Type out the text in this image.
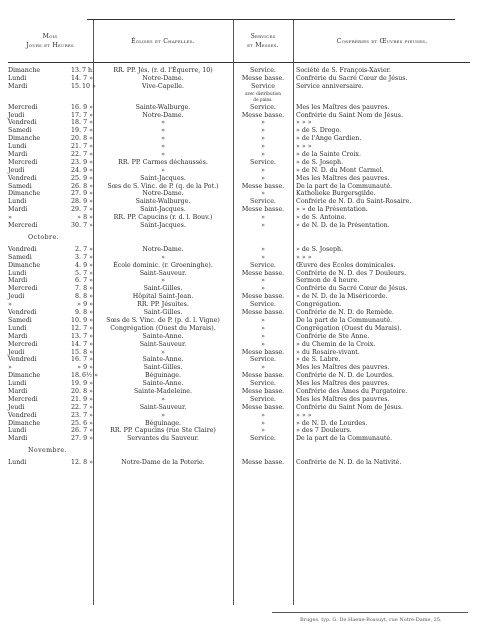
Mois
Jours et Heures
Églises et Chapelles.
Services
et Messes.
Confréries et Œuvres pieuses.
Dimanche	13. 7 h.	RR. PP. Jés. (r. d. l'Équerre, 10)	Service.	Société de S. François-Xavier.
Lundi	14. 7 »	Notre-Dame.	Messe basse.	Confrérie du Sacré Cœur de Jésus.
Mardi	15. 10 »	Vive-Capelle.	Service	Service anniversaire.
avec distribution
de pains.
Mercredi	16. 9 »	Sainte-Walburge.	Service.	Mes les Maîtres des pauvres.
Jeudi	17. 7 »	Notre-Dame.	Messe basse.	Confrérie du Saint Nom de Jésus.
Vendredi	18. 7 »	»	»	» » »
Samedi	19. 7 »	»	»	» de S. Drogo.
Dimanche	20. 8 »	»	»	» de l'Ange Gardien.
Lundi	21. 7 »	»	»	» » »
Mardi	22. 7 »	»	»	» de la Sainte Croix.
Mercredi	23. 9 »	RR. PP. Carmes déchaussés.	Service.	» de S. Joseph.
Jeudi	24. 9 »	»	»	» de N. D. du Mont Carmel.
Vendredi	25. 9 »	Saint-Jacques.	»	Mes les Maîtres des pauvres.
Samedi	26. 8 »	Sœs de S. Vinc. de P. (q. de la Pot.)	Messe basse.	De la part de la Communauté.
Dimanche	27. 9 »	Notre-Dame.	»	Katholieke Burgersgilde.
Lundi	28. 9 »	Sainte-Walburge.	Service.	Confrérie de N. D. du Saint-Rosaire.
Mardi	29. 7 »	Saint-Jacques.	Messe basse.	» » de la Présentation.
»	» 8 »	RR. PP. Capucins (r. d. l. Bouv.)	»	» de S. Antoine.
Mercredi	30. 7 »	Saint-Jacques.	»	» de N. D. de la Présentation.
Octobre.
Vendredi	2. 7 »	Notre-Dame.	»	» de S. Joseph.
Samedi	3. 7 »	»	»	» » »
Dimanche	4. 9 »	École dominic. (r. Groeninghe).	Service.	Œuvre des Écoles dominicales.
Lundi	5. 7 »	Saint-Sauveur.	Messe basse.	Confrérie de N. D. des 7 Douleurs.
Mardi	6. 7 »	»	»	Sermon de 4 heure.
Mercredi	7. 8 »	Saint-Gilles.	»	Confrérie du Sacré Cœur de Jésus.
Jeudi	8. 8 »	Hôpital Saint-Jean.	Messe basse.	» de N. D. de la Miséricorde.
»	» 9 »	RR. PP. Jésuites.	Service.	Congrégation.
Vendredi	9. 8 »	Saint-Gilles.	Messe basse.	Confrérie de N. D. de Remède.
Samedi	10. 9 »	Sœs de S. Vinc. de P. (p. d. l. Vigne)	»	De la part de la Communauté.
Lundi	12. 7 »	Congrégation (Ouest du Marais).	»	Congrégation (Ouest du Marais).
Mardi	13. 7 »	Sainte-Anne.	»	Confrérie de Ste Anne.
Mercredi	14. 7 »	Saint-Sauveur.	»	» du Chemin de la Croix.
Jeudi	15. 8 »	»	Messe basse.	» du Rosaire-vivant.
Vendredi	16. 7 »	Sainte-Anne.	Service.	» de S. Labre.
»	» 9 »	Saint-Gilles.	»	Mes les Maîtres des pauvres.
Dimanche	18. 6½ »	Béguinage.	Messe basse.	Confrérie de N. D. de Lourdes.
Lundi	19. 9 »	Sainte-Anne.	Service.	Mes les Maîtres des pauvres.
Mardi	20. 8 »	Sainte-Madeleine.	Messe basse.	Confrérie des Âmes du Purgatoire.
Mercredi	21. 9 »	»	Service.	Mes les Maîtres des pauvres.
Jeudi	22. 7 »	Saint-Sauveur.	Messe basse.	Confrérie du Saint Nom de Jésus.
Vendredi	23. 7 »	»	»	» » »
Dimanche	25. 6 »	Béguinage.	»	» de N. D. de Lourdes.
Lundi	26. 7 »	RR. PP. Capucins (rue Ste Claire)	»	» des 7 Douleurs.
Mardi	27. 9 »	Servantes du Sauveur.	Service.	De la part de la Communauté.
Novembre.
Lundi	12. 8 »	Notre-Dame de la Poterie.	Messe basse.	Confrérie de N. D. de la Nativité.
Bruges, typ. G. De Haene-Bossuyt, rue Notre-Dame, 25.
